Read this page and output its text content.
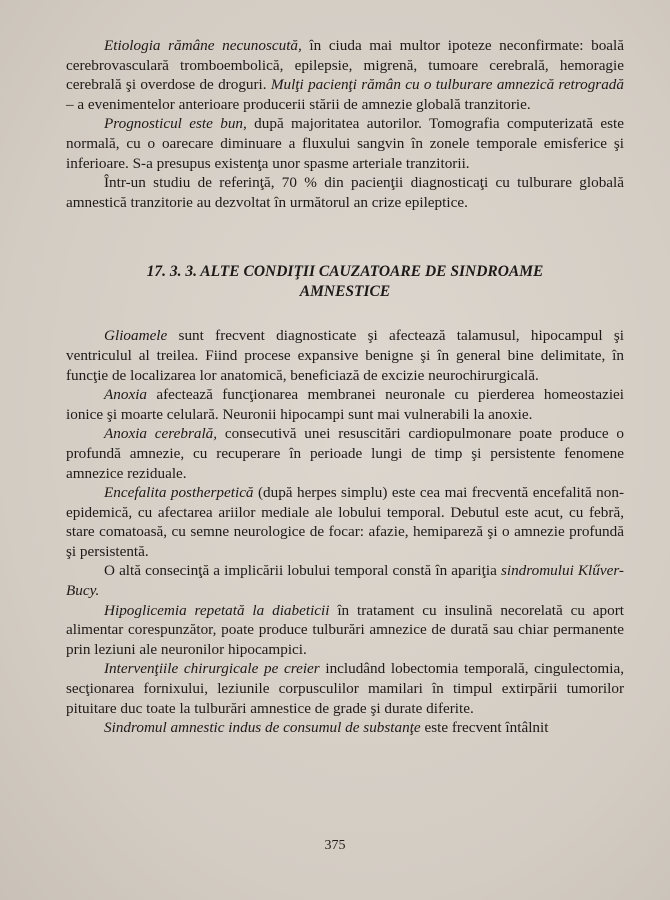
Etiologia rămâne necunoscută, în ciuda mai multor ipoteze neconfirmate: boală cerebrovasculară tromboembolică, epilepsie, migrenă, tumoare cerebrală, hemoragie cerebrală şi overdose de droguri. Mulţi pacienţi rămân cu o tulburare amnezică retrogradă – a evenimentelor anterioare producerii stării de amnezie globală tranzitorie.

Prognosticul este bun, după majoritatea autorilor. Tomografia computerizată este normală, cu o oarecare diminuare a fluxului sangvin în zonele temporale emisferice şi inferioare. S-a presupus existenţa unor spasme arteriale tranzitorii.

Într-un studiu de referinţă, 70 % din pacienţii diagnosticaţi cu tulburare globală amnestică tranzitorie au dezvoltat în următorul an crize epileptice.

17. 3. 3. ALTE CONDIŢII CAUZATOARE DE SINDROAME
AMNESTICE

Glioamele sunt frecvent diagnosticate şi afectează talamusul, hipocampul şi ventriculul al treilea. Fiind procese expansive benigne şi în general bine delimitate, în funcţie de localizarea lor anatomică, beneficiază de excizie neurochirurgicală.

Anoxia afectează funcţionarea membranei neuronale cu pierderea homeostaziei ionice şi moarte celulară. Neuronii hipocampi sunt mai vulnerabili la anoxie.

Anoxia cerebrală, consecutivă unei resuscitări cardiopulmonare poate produce o profundă amnezie, cu recuperare în perioade lungi de timp şi persistente fenomene amnezice reziduale.

Encefalita postherpetică (după herpes simplu) este cea mai frecventă encefalită non-epidemică, cu afectarea ariilor mediale ale lobului temporal. Debutul este acut, cu febră, stare comatoasă, cu semne neurologice de focar: afazie, hemipareză şi o amnezie profundă şi persistentă.

O altă consecinţă a implicării lobului temporal constă în apariţia sindromului Klűver-Bucy.

Hipoglicemia repetată la diabeticii în tratament cu insulină necorelată cu aport alimentar corespunzător, poate produce tulburări amnezice de durată sau chiar permanente prin leziuni ale neuronilor hipocampici.

Intervenţiile chirurgicale pe creier includând lobectomia temporală, cingulectomia, secţionarea fornixului, leziunile corpusculilor mamilari în timpul extirpării tumorilor pituitare duc toate la tulburări amnestice de grade şi durate diferite.

Sindromul amnestic indus de consumul de substanţe este frecvent întâlnit

375
